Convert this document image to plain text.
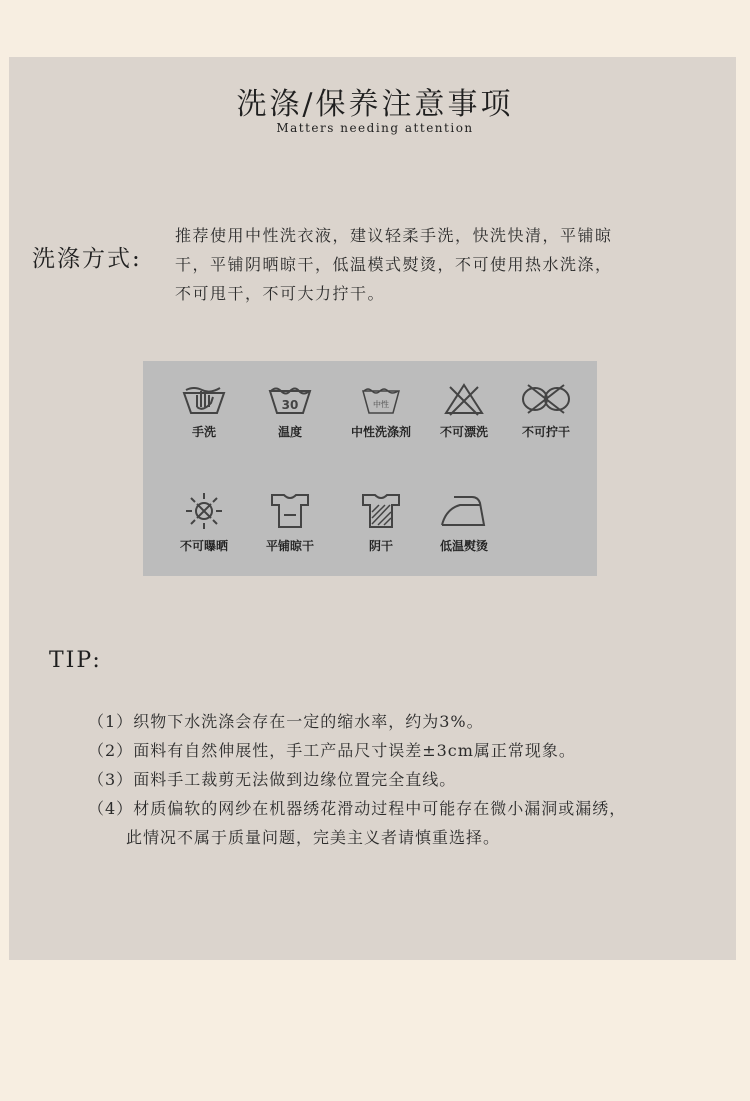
洗涤/保养注意事项
Matters needing attention
洗涤方式:
推荐使用中性洗衣液，建议轻柔手洗，快洗快清，平铺晾
干，平铺阴晒晾干，低温模式熨烫，不可使用热水洗涤，
不可甩干，不可大力拧干。
手洗
30
温度
中性
中性洗涤剂	不可漂洗	不可拧干
不可曝晒	平铺晾干	阴干	低温熨烫
TIP:
（1）织物下水洗涤会存在一定的缩水率，约为3%。
（2）面料有自然伸展性，手工产品尺寸误差±3cm属正常现象。
（3）面料手工裁剪无法做到边缘位置完全直线。
（4）材质偏软的网纱在机器绣花滑动过程中可能存在微小漏洞或漏绣，
此情况不属于质量问题，完美主义者请慎重选择。
